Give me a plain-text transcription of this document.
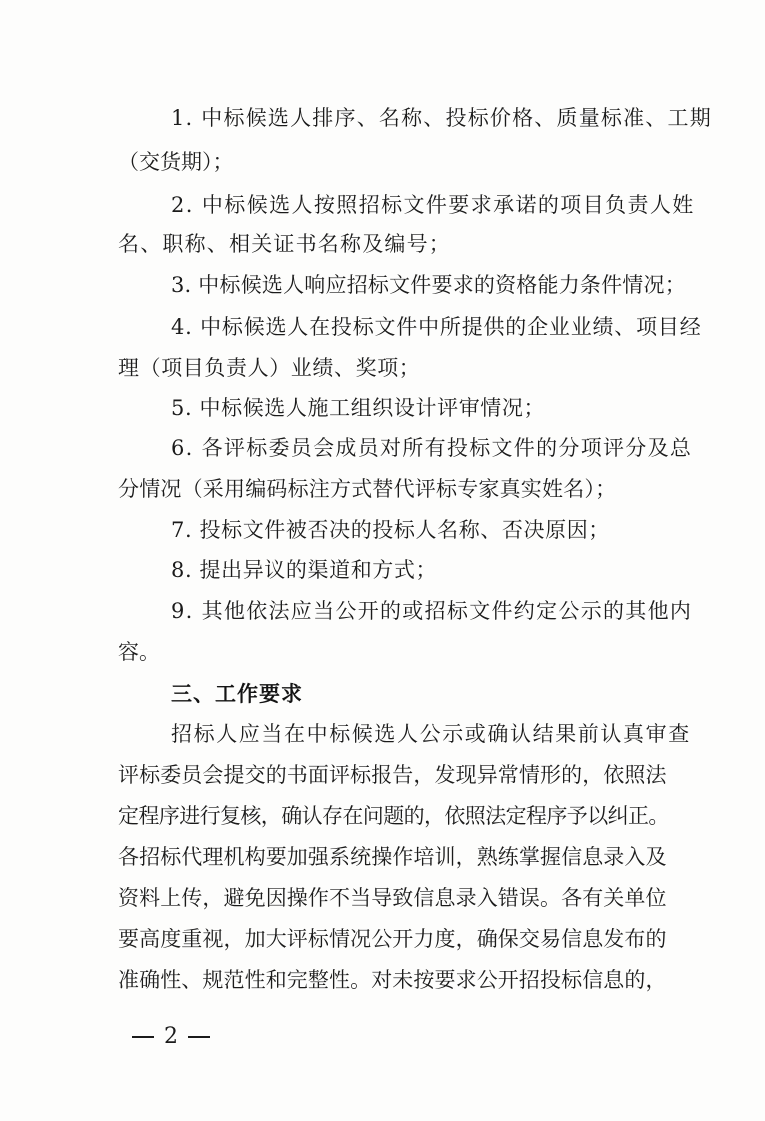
1. 中标候选人排序、名称、投标价格、质量标准、工期
（交货期）；
2. 中标候选人按照招标文件要求承诺的项目负责人姓
名、职称、相关证书名称及编号；
3. 中标候选人响应招标文件要求的资格能力条件情况；
4. 中标候选人在投标文件中所提供的企业业绩、项目经
理（项目负责人）业绩、奖项；
5. 中标候选人施工组织设计评审情况；
6. 各评标委员会成员对所有投标文件的分项评分及总
分情况（采用编码标注方式替代评标专家真实姓名）；
7. 投标文件被否决的投标人名称、否决原因；
8. 提出异议的渠道和方式；
9. 其他依法应当公开的或招标文件约定公示的其他内
容。
三、工作要求
招标人应当在中标候选人公示或确认结果前认真审查
评标委员会提交的书面评标报告，发现异常情形的，依照法
定程序进行复核，确认存在问题的，依照法定程序予以纠正。
各招标代理机构要加强系统操作培训，熟练掌握信息录入及
资料上传，避免因操作不当导致信息录入错误。各有关单位
要高度重视，加大评标情况公开力度，确保交易信息发布的
准确性、规范性和完整性。对未按要求公开招投标信息的，
2
